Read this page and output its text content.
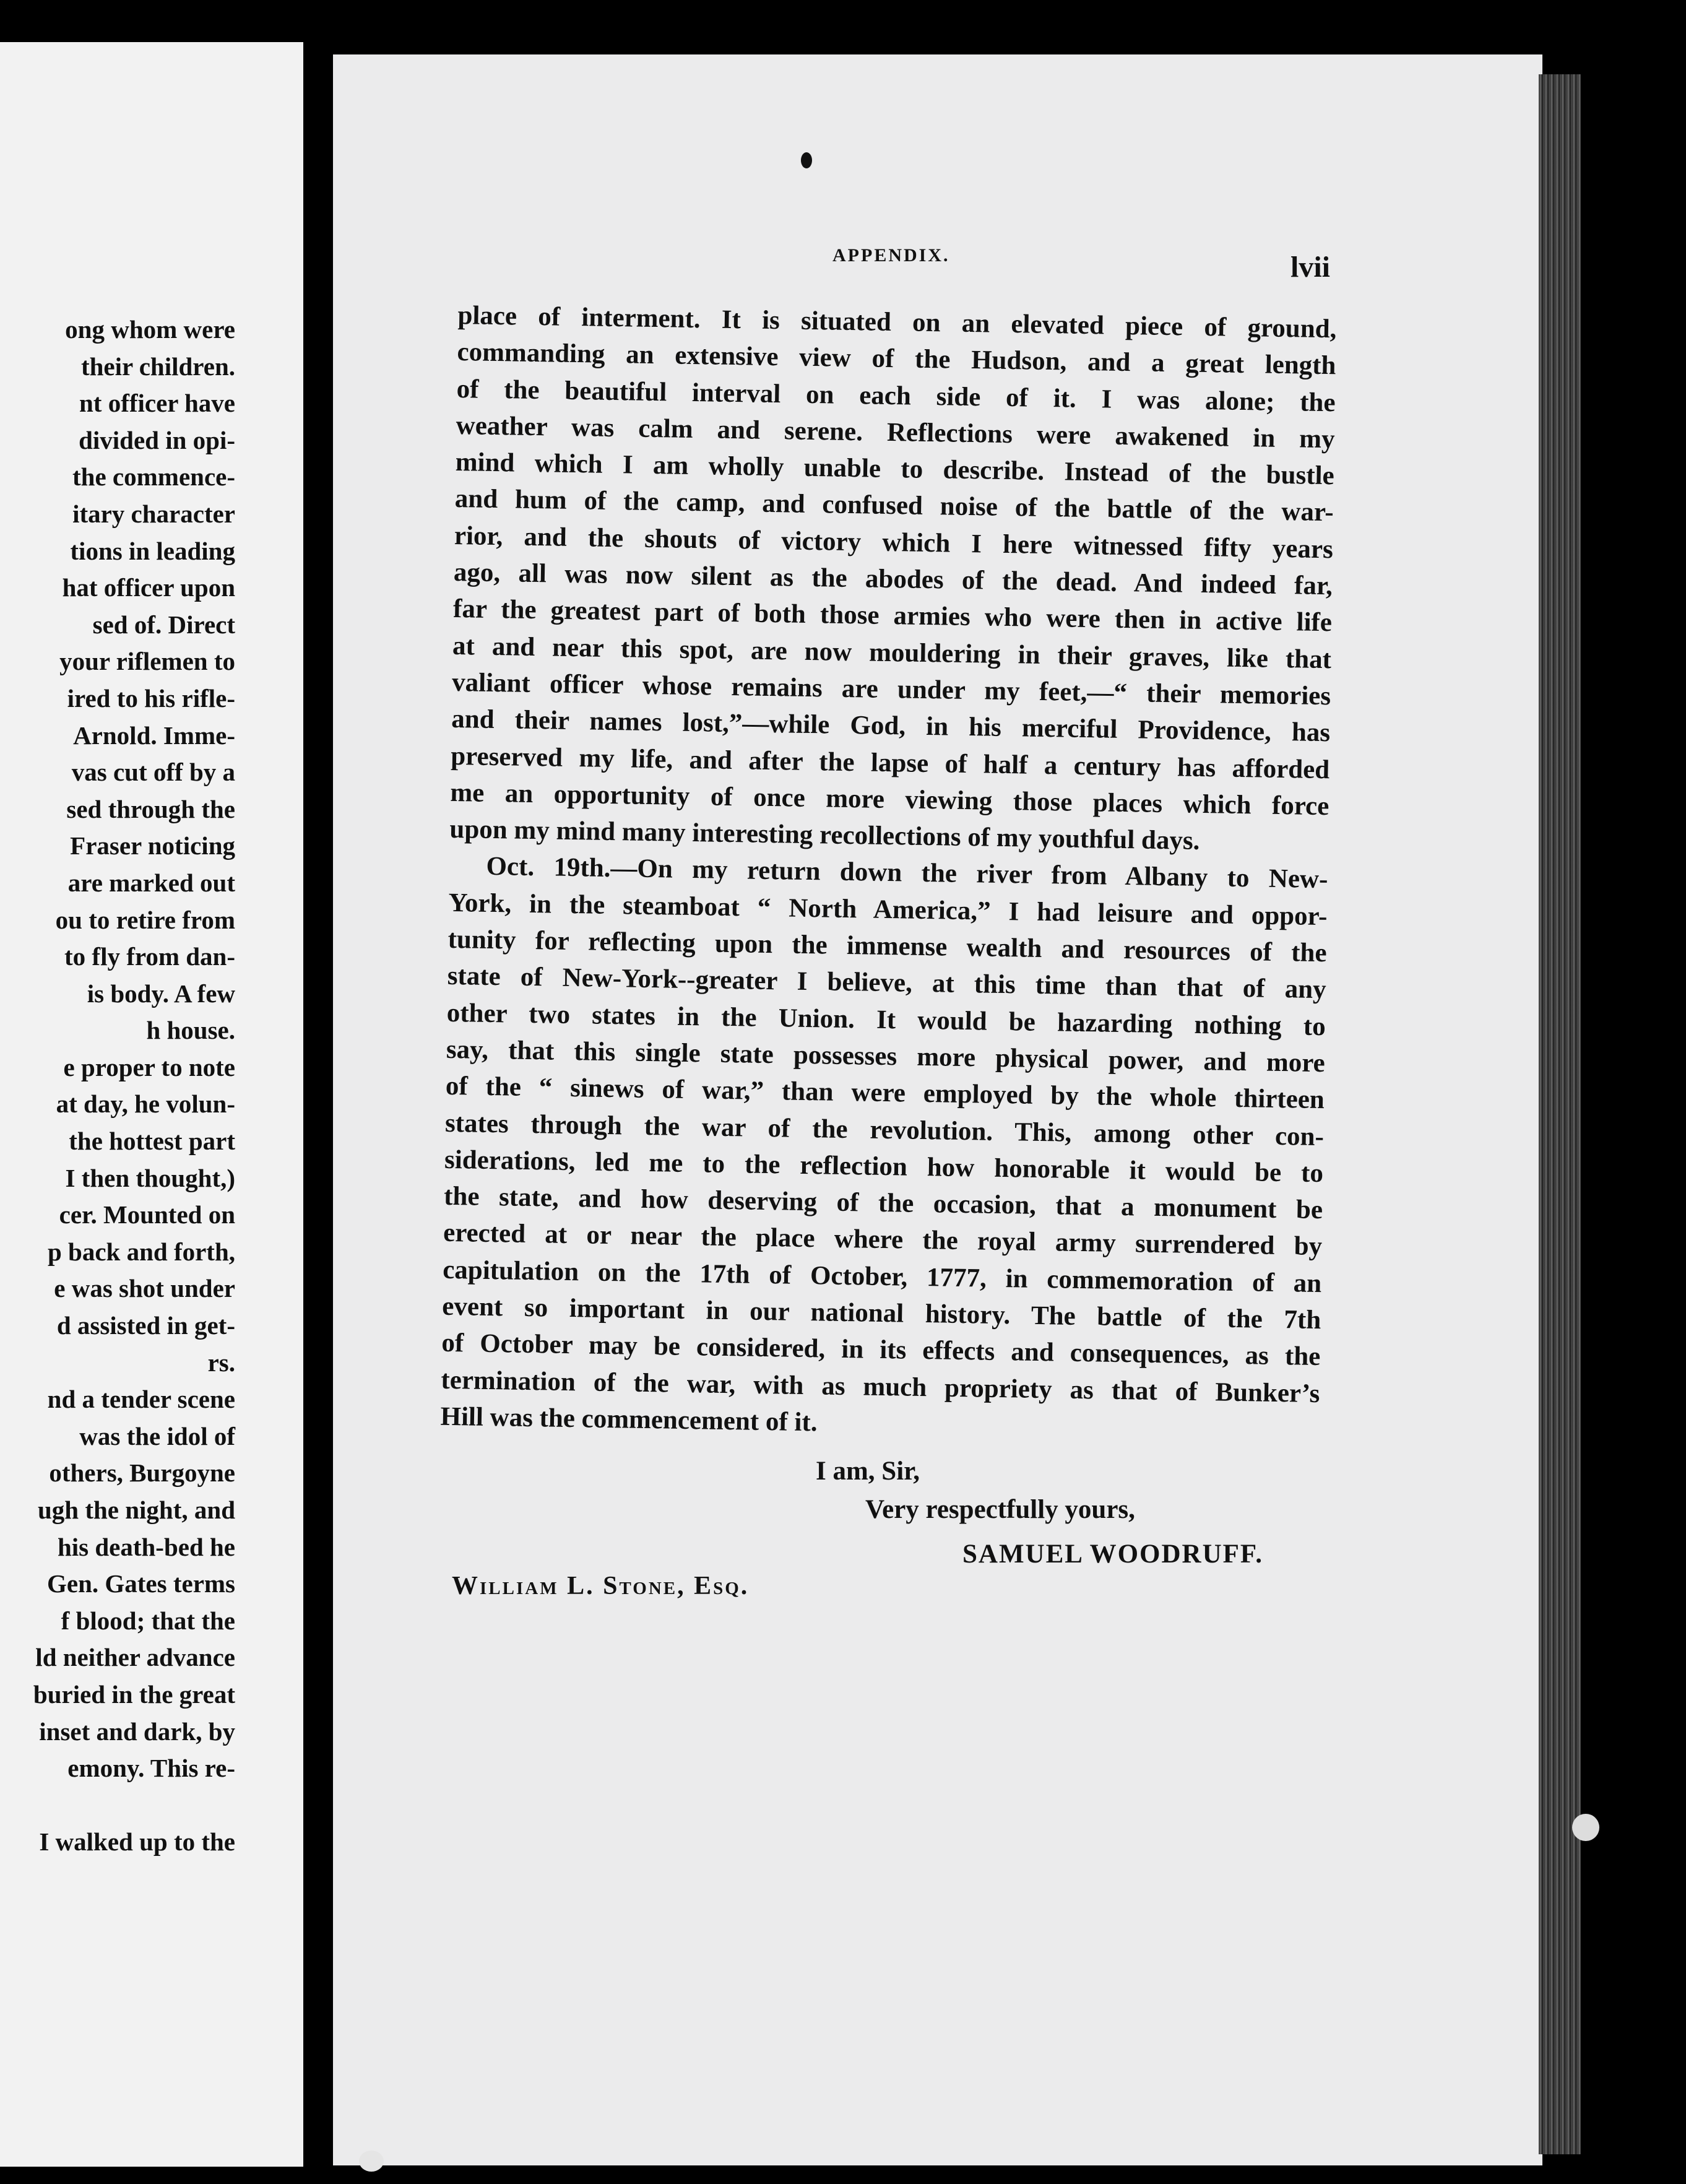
ong whom were
their children.
nt officer have
divided in opi-
the commence-
itary character
tions in leading
hat officer upon
sed of. Direct
your riflemen to
ired to his rifle-
Arnold. Imme-
vas cut off by a
sed through the
Fraser noticing
are marked out
ou to retire from
to fly from dan-
is body. A few
h house.
e proper to note
at day, he volun-
the hottest part
I then thought,)
cer. Mounted on
p back and forth,
e was shot under
d assisted in get-
rs.
nd a tender scene
was the idol of
others, Burgoyne
ugh the night, and
his death-bed he
Gen. Gates terms
f blood; that the
ld neither advance
buried in the great
inset and dark, by
emony. This re-

I walked up to the
APPENDIX.	lvii
place of interment. It is situated on an elevated piece of ground,
commanding an extensive view of the Hudson, and a great length
of the beautiful interval on each side of it. I was alone; the
weather was calm and serene. Reflections were awakened in my
mind which I am wholly unable to describe. Instead of the bustle
and hum of the camp, and confused noise of the battle of the war-
rior, and the shouts of victory which I here witnessed fifty years
ago, all was now silent as the abodes of the dead. And indeed far,
far the greatest part of both those armies who were then in active life
at and near this spot, are now mouldering in their graves, like that
valiant officer whose remains are under my feet,—“ their memories
and their names lost,”—while God, in his merciful Providence, has
preserved my life, and after the lapse of half a century has afforded
me an opportunity of once more viewing those places which force
upon my mind many interesting recollections of my youthful days.
Oct. 19th.—On my return down the river from Albany to New-
York, in the steamboat “ North America,” I had leisure and oppor-
tunity for reflecting upon the immense wealth and resources of the
state of New-York--greater I believe, at this time than that of any
other two states in the Union. It would be hazarding nothing to
say, that this single state possesses more physical power, and more
of the “ sinews of war,” than were employed by the whole thirteen
states through the war of the revolution. This, among other con-
siderations, led me to the reflection how honorable it would be to
the state, and how deserving of the occasion, that a monument be
erected at or near the place where the royal army surrendered by
capitulation on the 17th of October, 1777, in commemoration of an
event so important in our national history. The battle of the 7th
of October may be considered, in its effects and consequences, as the
termination of the war, with as much propriety as that of Bunker’s
Hill was the commencement of it.
I am, Sir,
Very respectfully yours,
SAMUEL WOODRUFF.
William L. Stone, Esq.
